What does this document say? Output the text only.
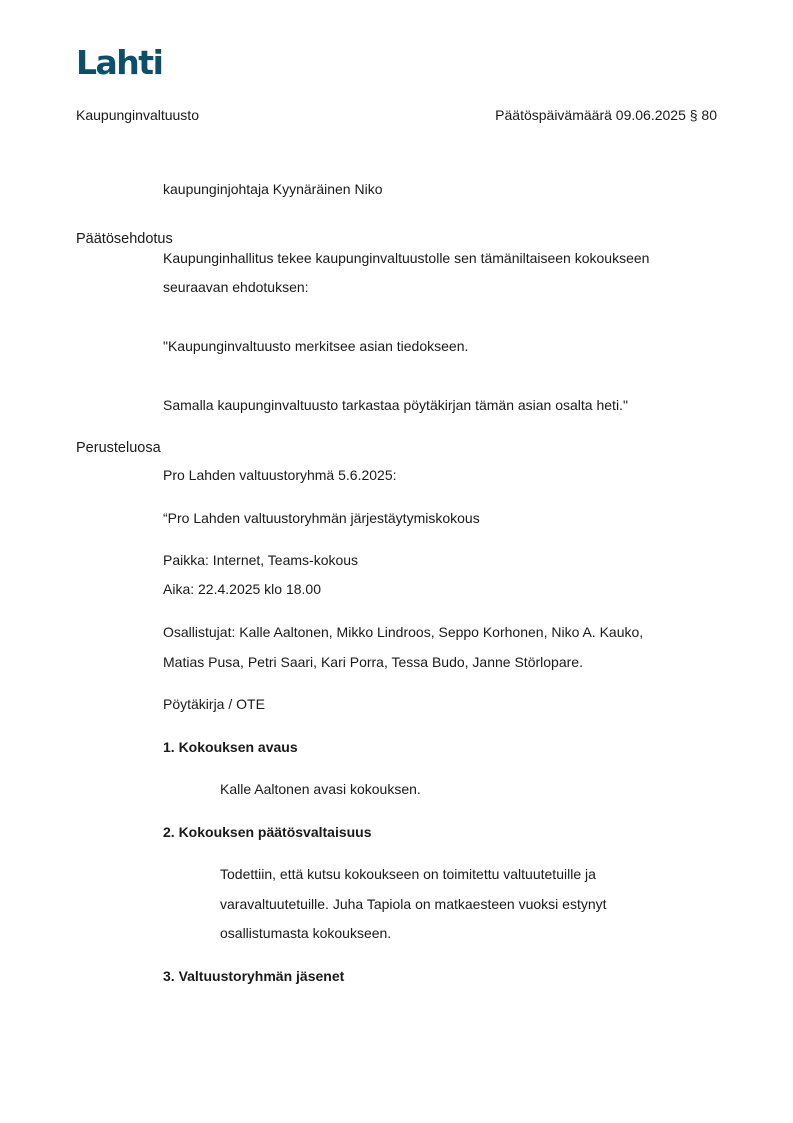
Lahti
Kaupunginvaltuusto	Päätöspäivämäärä 09.06.2025 § 80
kaupunginjohtaja Kyynäräinen Niko
Päätösehdotus
Kaupunginhallitus tekee kaupunginvaltuustolle sen tämäniltaiseen kokoukseen
seuraavan ehdotuksen:
"Kaupunginvaltuusto merkitsee asian tiedokseen.
Samalla kaupunginvaltuusto tarkastaa pöytäkirjan tämän asian osalta heti."
Perusteluosa
Pro Lahden valtuustoryhmä 5.6.2025:
“Pro Lahden valtuustoryhmän järjestäytymiskokous
Paikka: Internet, Teams-kokous
Aika: 22.4.2025 klo 18.00
Osallistujat: Kalle Aaltonen, Mikko Lindroos, Seppo Korhonen, Niko A. Kauko,
Matias Pusa, Petri Saari, Kari Porra, Tessa Budo, Janne Störlopare.
Pöytäkirja / OTE
1. Kokouksen avaus
Kalle Aaltonen avasi kokouksen.
2. Kokouksen päätösvaltaisuus
Todettiin, että kutsu kokoukseen on toimitettu valtuutetuille ja
varavaltuutetuille. Juha Tapiola on matkaesteen vuoksi estynyt
osallistumasta kokoukseen.
3. Valtuustoryhmän jäsenet
